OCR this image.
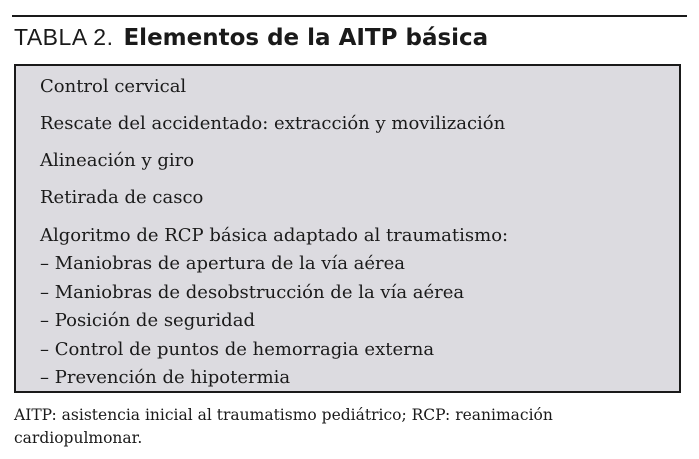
TABLA 2. Elementos de la AITP básica
Control cervical
Rescate del accidentado: extracción y movilización
Alineación y giro
Retirada de casco
Algoritmo de RCP básica adaptado al traumatismo:
– Maniobras de apertura de la vía aérea
– Maniobras de desobstrucción de la vía aérea
– Posición de seguridad
– Control de puntos de hemorragia externa
– Prevención de hipotermia
AITP: asistencia inicial al traumatismo pediátrico; RCP: reanimación cardiopulmonar.
